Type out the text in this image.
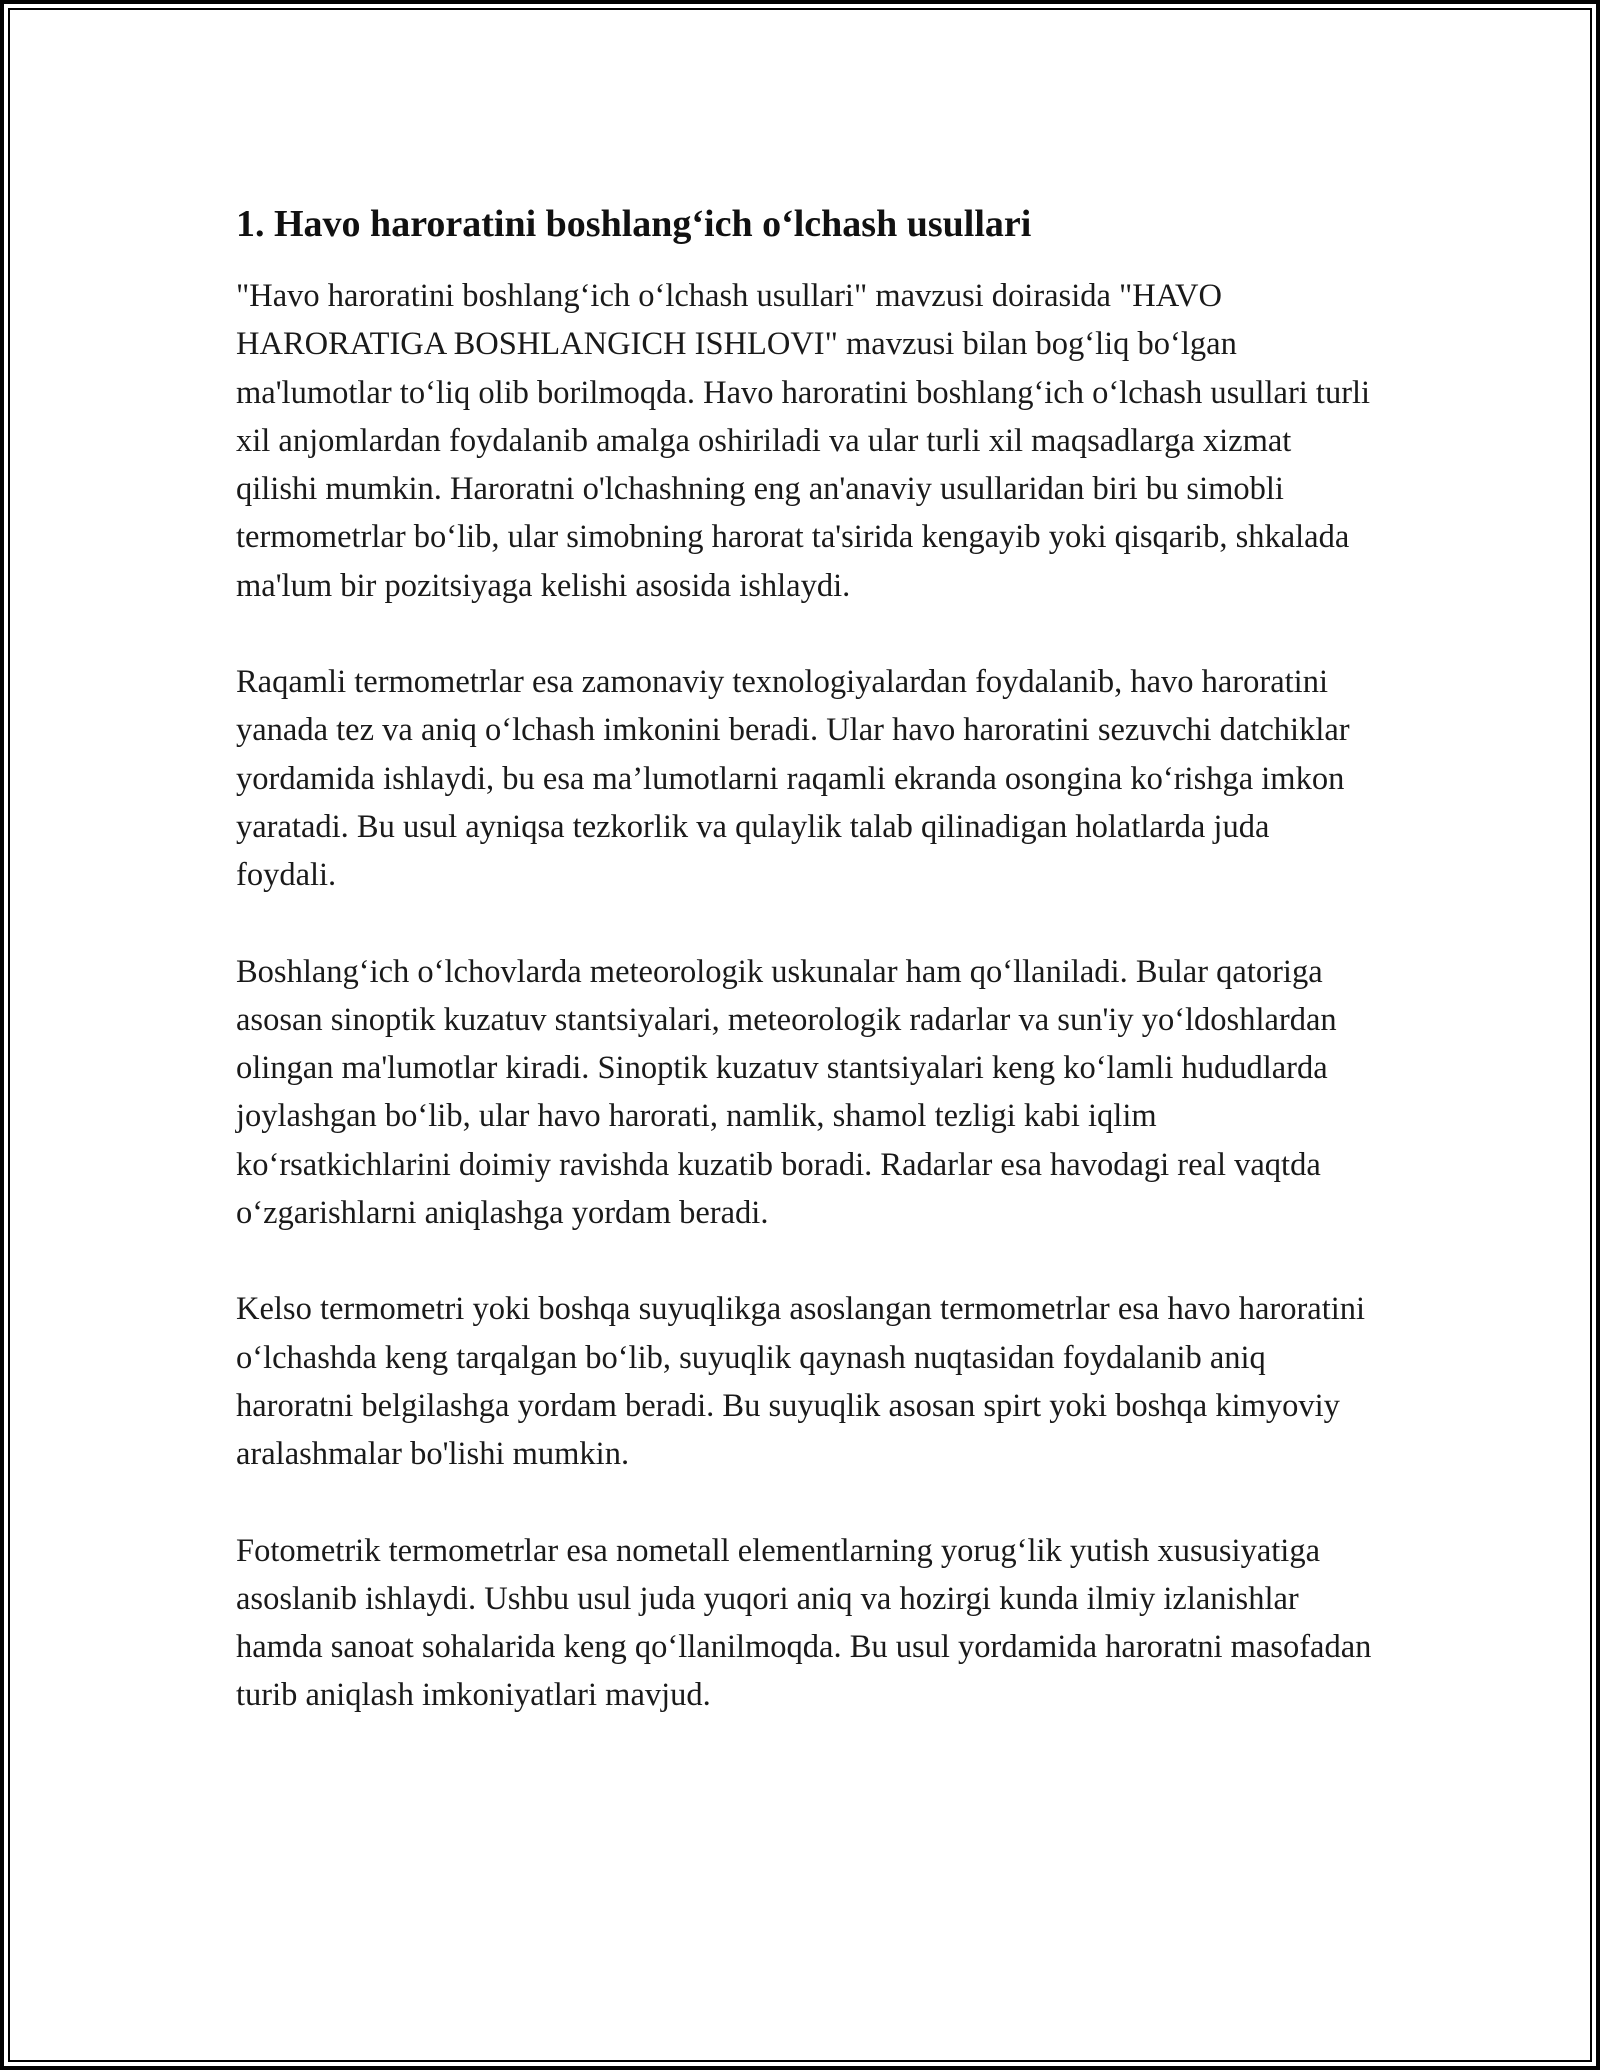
1. Havo haroratini boshlang‘ich o‘lchash usullari

"Havo haroratini boshlang‘ich o‘lchash usullari" mavzusi doirasida "HAVO HARORATIGA BOSHLANGICH ISHLOVI" mavzusi bilan bog‘liq bo‘lgan ma'lumotlar to‘liq olib borilmoqda. Havo haroratini boshlang‘ich o‘lchash usullari turli xil anjomlardan foydalanib amalga oshiriladi va ular turli xil maqsadlarga xizmat qilishi mumkin. Haroratni o'lchashning eng an'anaviy usullaridan biri bu simobli termometrlar bo‘lib, ular simobning harorat ta'sirida kengayib yoki qisqarib, shkalada ma'lum bir pozitsiyaga kelishi asosida ishlaydi.

Raqamli termometrlar esa zamonaviy texnologiyalardan foydalanib, havo haroratini yanada tez va aniq o‘lchash imkonini beradi. Ular havo haroratini sezuvchi datchiklar yordamida ishlaydi, bu esa ma’lumotlarni raqamli ekranda osongina ko‘rishga imkon yaratadi. Bu usul ayniqsa tezkorlik va qulaylik talab qilinadigan holatlarda juda foydali.

Boshlang‘ich o‘lchovlarda meteorologik uskunalar ham qo‘llaniladi. Bular qatoriga asosan sinoptik kuzatuv stantsiyalari, meteorologik radarlar va sun'iy yo‘ldoshlardan olingan ma'lumotlar kiradi. Sinoptik kuzatuv stantsiyalari keng ko‘lamli hududlarda joylashgan bo‘lib, ular havo harorati, namlik, shamol tezligi kabi iqlim ko‘rsatkichlarini doimiy ravishda kuzatib boradi. Radarlar esa havodagi real vaqtda o‘zgarishlarni aniqlashga yordam beradi.

Kelso termometri yoki boshqa suyuqlikga asoslangan termometrlar esa havo haroratini o‘lchashda keng tarqalgan bo‘lib, suyuqlik qaynash nuqtasidan foydalanib aniq haroratni belgilashga yordam beradi. Bu suyuqlik asosan spirt yoki boshqa kimyoviy aralashmalar bo'lishi mumkin.

Fotometrik termometrlar esa nometall elementlarning yorug‘lik yutish xususiyatiga asoslanib ishlaydi. Ushbu usul juda yuqori aniq va hozirgi kunda ilmiy izlanishlar hamda sanoat sohalarida keng qo‘llanilmoqda. Bu usul yordamida haroratni masofadan turib aniqlash imkoniyatlari mavjud.
